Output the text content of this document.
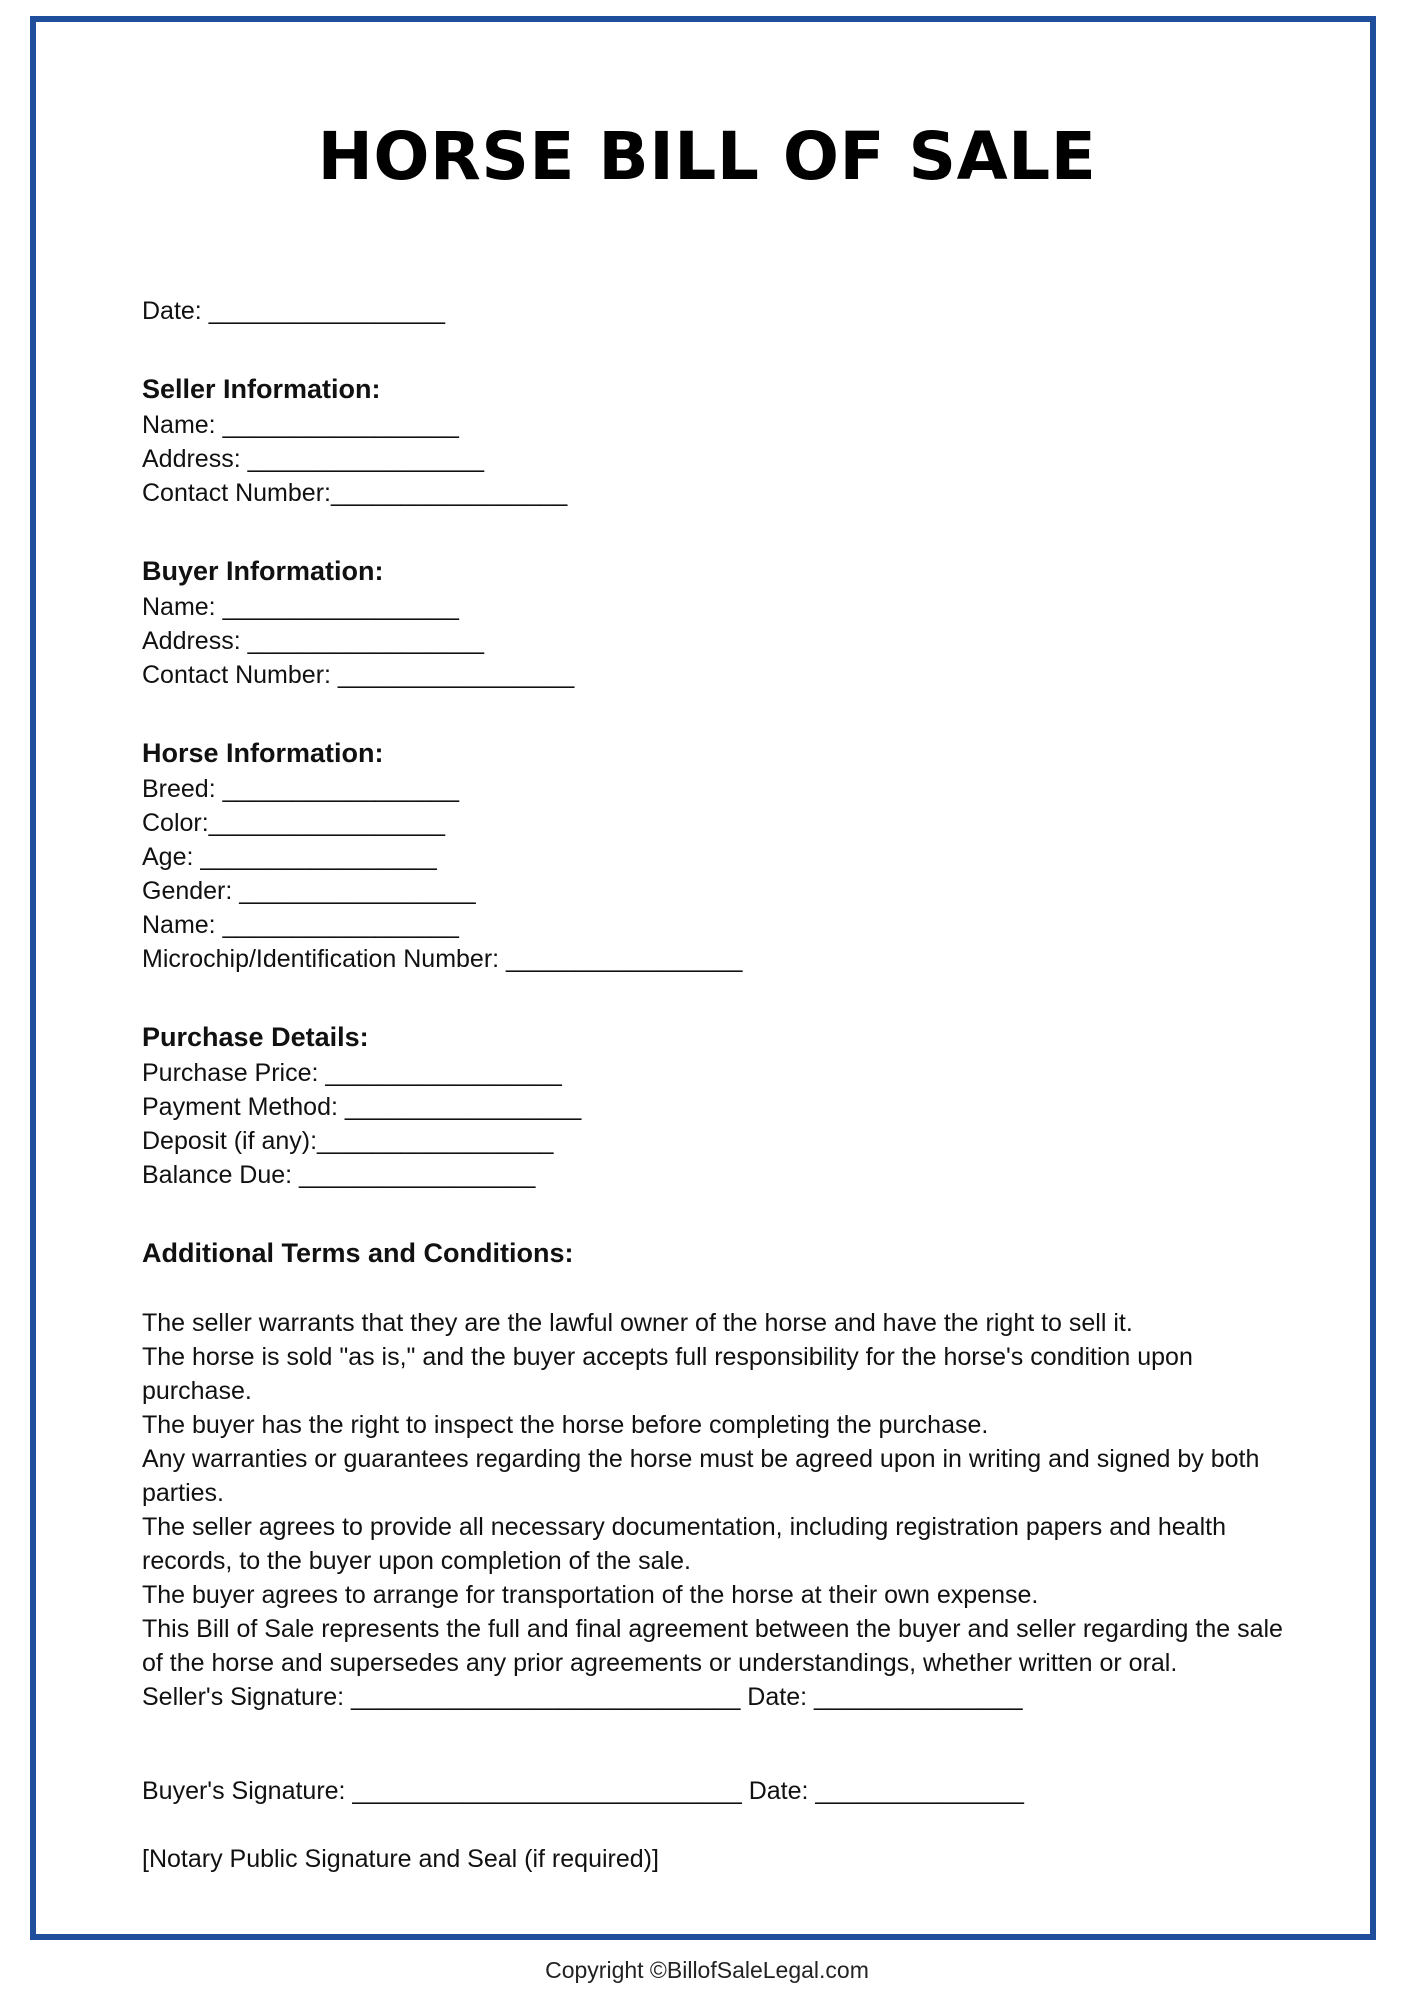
HORSE BILL OF SALE
Date: _________________
Seller Information:
Name: _________________
Address: _________________
Contact Number:_________________
Buyer Information:
Name: _________________
Address: _________________
Contact Number: _________________
Horse Information:
Breed: _________________
Color:_________________
Age: _________________
Gender: _________________
Name: _________________
Microchip/Identification Number: _________________
Purchase Details:
Purchase Price: _________________
Payment Method: _________________
Deposit (if any):_________________
Balance Due: _________________
Additional Terms and Conditions:
The seller warrants that they are the lawful owner of the horse and have the right to sell it.
The horse is sold "as is," and the buyer accepts full responsibility for the horse's condition upon purchase.
The buyer has the right to inspect the horse before completing the purchase.
Any warranties or guarantees regarding the horse must be agreed upon in writing and signed by both parties.
The seller agrees to provide all necessary documentation, including registration papers and health records, to the buyer upon completion of the sale.
The buyer agrees to arrange for transportation of the horse at their own expense.
This Bill of Sale represents the full and final agreement between the buyer and seller regarding the sale of the horse and supersedes any prior agreements or understandings, whether written or oral.
Seller's Signature: ____________________________ Date: _______________
Buyer's Signature: ____________________________ Date: _______________
[Notary Public Signature and Seal (if required)]
Copyright ©BillofSaleLegal.com
